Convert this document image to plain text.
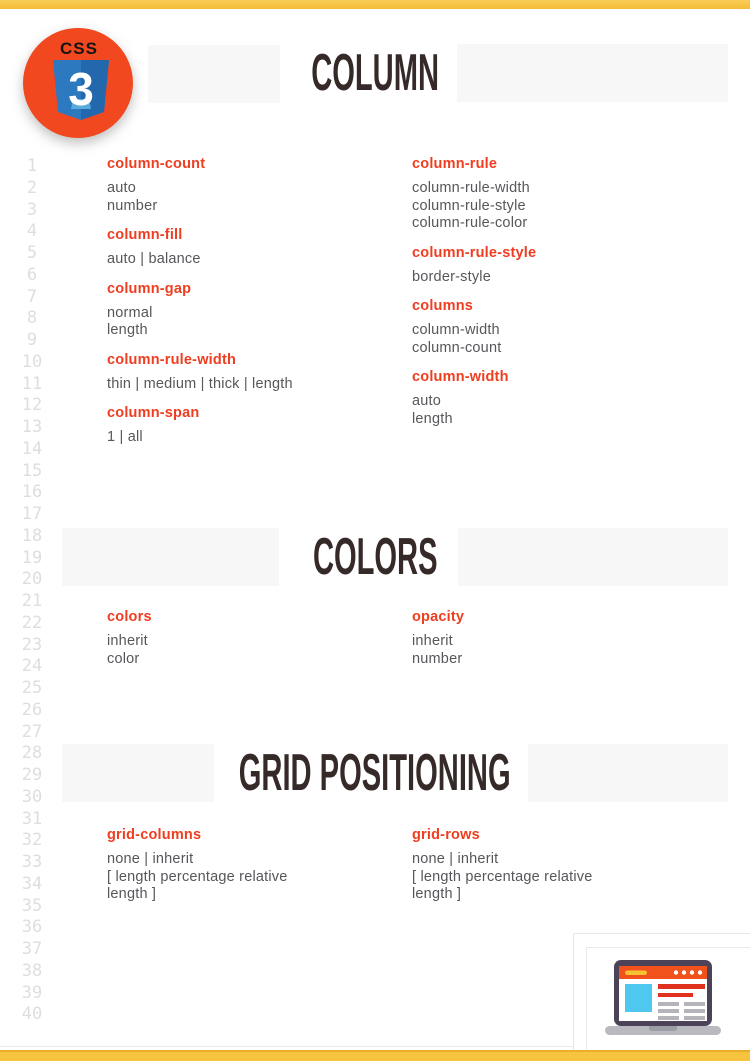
CSS
3
1
2
3
4
5
6
7
8
9
10
11
12
13
14
15
16
17
18
19
20
21
22
23
24
25
26
27
28
29
30
31
32
33
34
35
36
37
38
39
40
COLUMN
column-count
auto
number
column-fill
auto | balance
column-gap
normal
length
column-rule-width
thin | medium | thick | length
column-span
1 | all
column-rule
column-rule-width
column-rule-style
column-rule-color
column-rule-style
border-style
columns
column-width
column-count
column-width
auto
length
COLORS
colors
inherit
color
opacity
inherit
number
GRID POSITIONING
grid-columns
none | inherit
[ length percentage relative
length ]
grid-rows
none | inherit
[ length percentage relative
length ]
